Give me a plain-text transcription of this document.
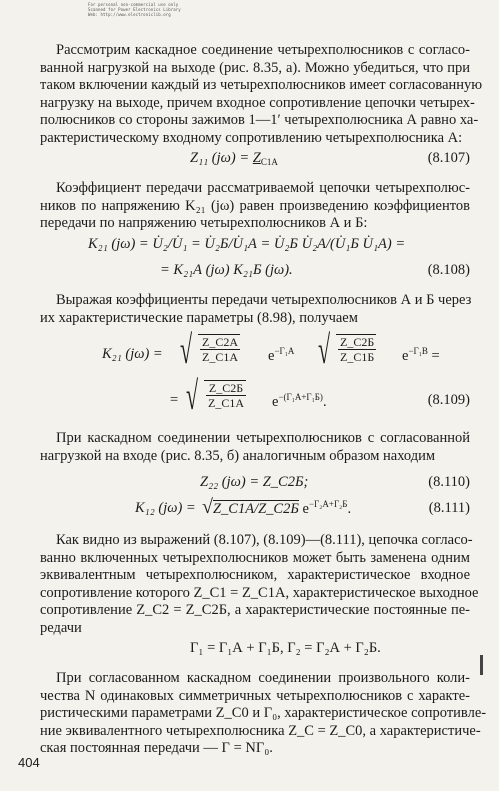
For personal non-commercial use only
Scanned for Power Electronics Library
Web: http://www.electroniclib.org
Рассмотрим каскадное соединение четырехполюсников с согласо-
ванной нагрузкой на выходе (рис. 8.35, а). Можно убедиться, что при
таком включении каждый из четырехполюсников имеет согласованную
нагрузку на выходе, причем входное сопротивление цепочки четырех-
полюсников со стороны зажимов 1—1′ четырехполюсника А равно ха-
рактеристическому входному сопротивлению четырехполюсника А:
Z₁₁ $(j\omega) = Z_{C1A}$	(8.107)
Коэффициент передачи рассматриваемой цепочки четырехполюс-
ников по напряжению K₂₁ (jω) равен произведению коэффициентов
передачи по напряжению четырехполюсников А и Б:
K₂₁ (jω) = U̇₂/U̇₁ = U̇₂Б/U̇₁А = U̇₂Б U̇₂А/(U̇₁Б U̇₁А) =
= K₂₁А (jω) K₂₁Б (jω).	(8.108)
Выражая коэффициенты передачи четырехполюсников А и Б через
их характеристические параметры (8.98), получаем
K₂₁ (jω) = √ $\frac{Z\_C2A}{Z\_C1A} e^{-Г_1А}$ √ $\frac{Z\_C2Б}{Z\_C1Б} e^{-Г_1В}$ =
= √ $\frac{Z\_C2Б}{Z\_C1A} e^{-(Г_1А+Г_1Б)}$.	(8.109)
При каскадном соединении четырехполюсников с согласованной
нагрузкой на входе (рис. 8.35, б) аналогичным образом находим
Z₂₂ (jω) = Z_C2Б;	(8.110)
K₁₂ (jω) = √Z_C1A/Z_C2Б $e^{-Г_2А+Г_2Б}$.	(8.111)
Как видно из выражений (8.107), (8.109)—(8.111), цепочка согласо-
ванно включенных четырехполюсников может быть заменена одним
эквивалентным четырехполюсником, характеристическое входное
сопротивление которого Z_C1 = Z_C1A, характеристическое выходное
сопротивление Z_C2 = Z_C2Б, а характеристические постоянные пе-
редачи
Г₁ = Г₁А + Г₁Б, Г₂ = Г₂А + Г₂Б.
При согласованном каскадном соединении произвольного коли-
чества N одинаковых симметричных четырехполюсников с характе-
ристическими параметрами Z_C0 и Г₀, характеристическое сопротивле-
ние эквивалентного четырехполюсника Z_C = Z_C0, а характеристиче-
ская постоянная передачи — Г = NГ₀.
404
